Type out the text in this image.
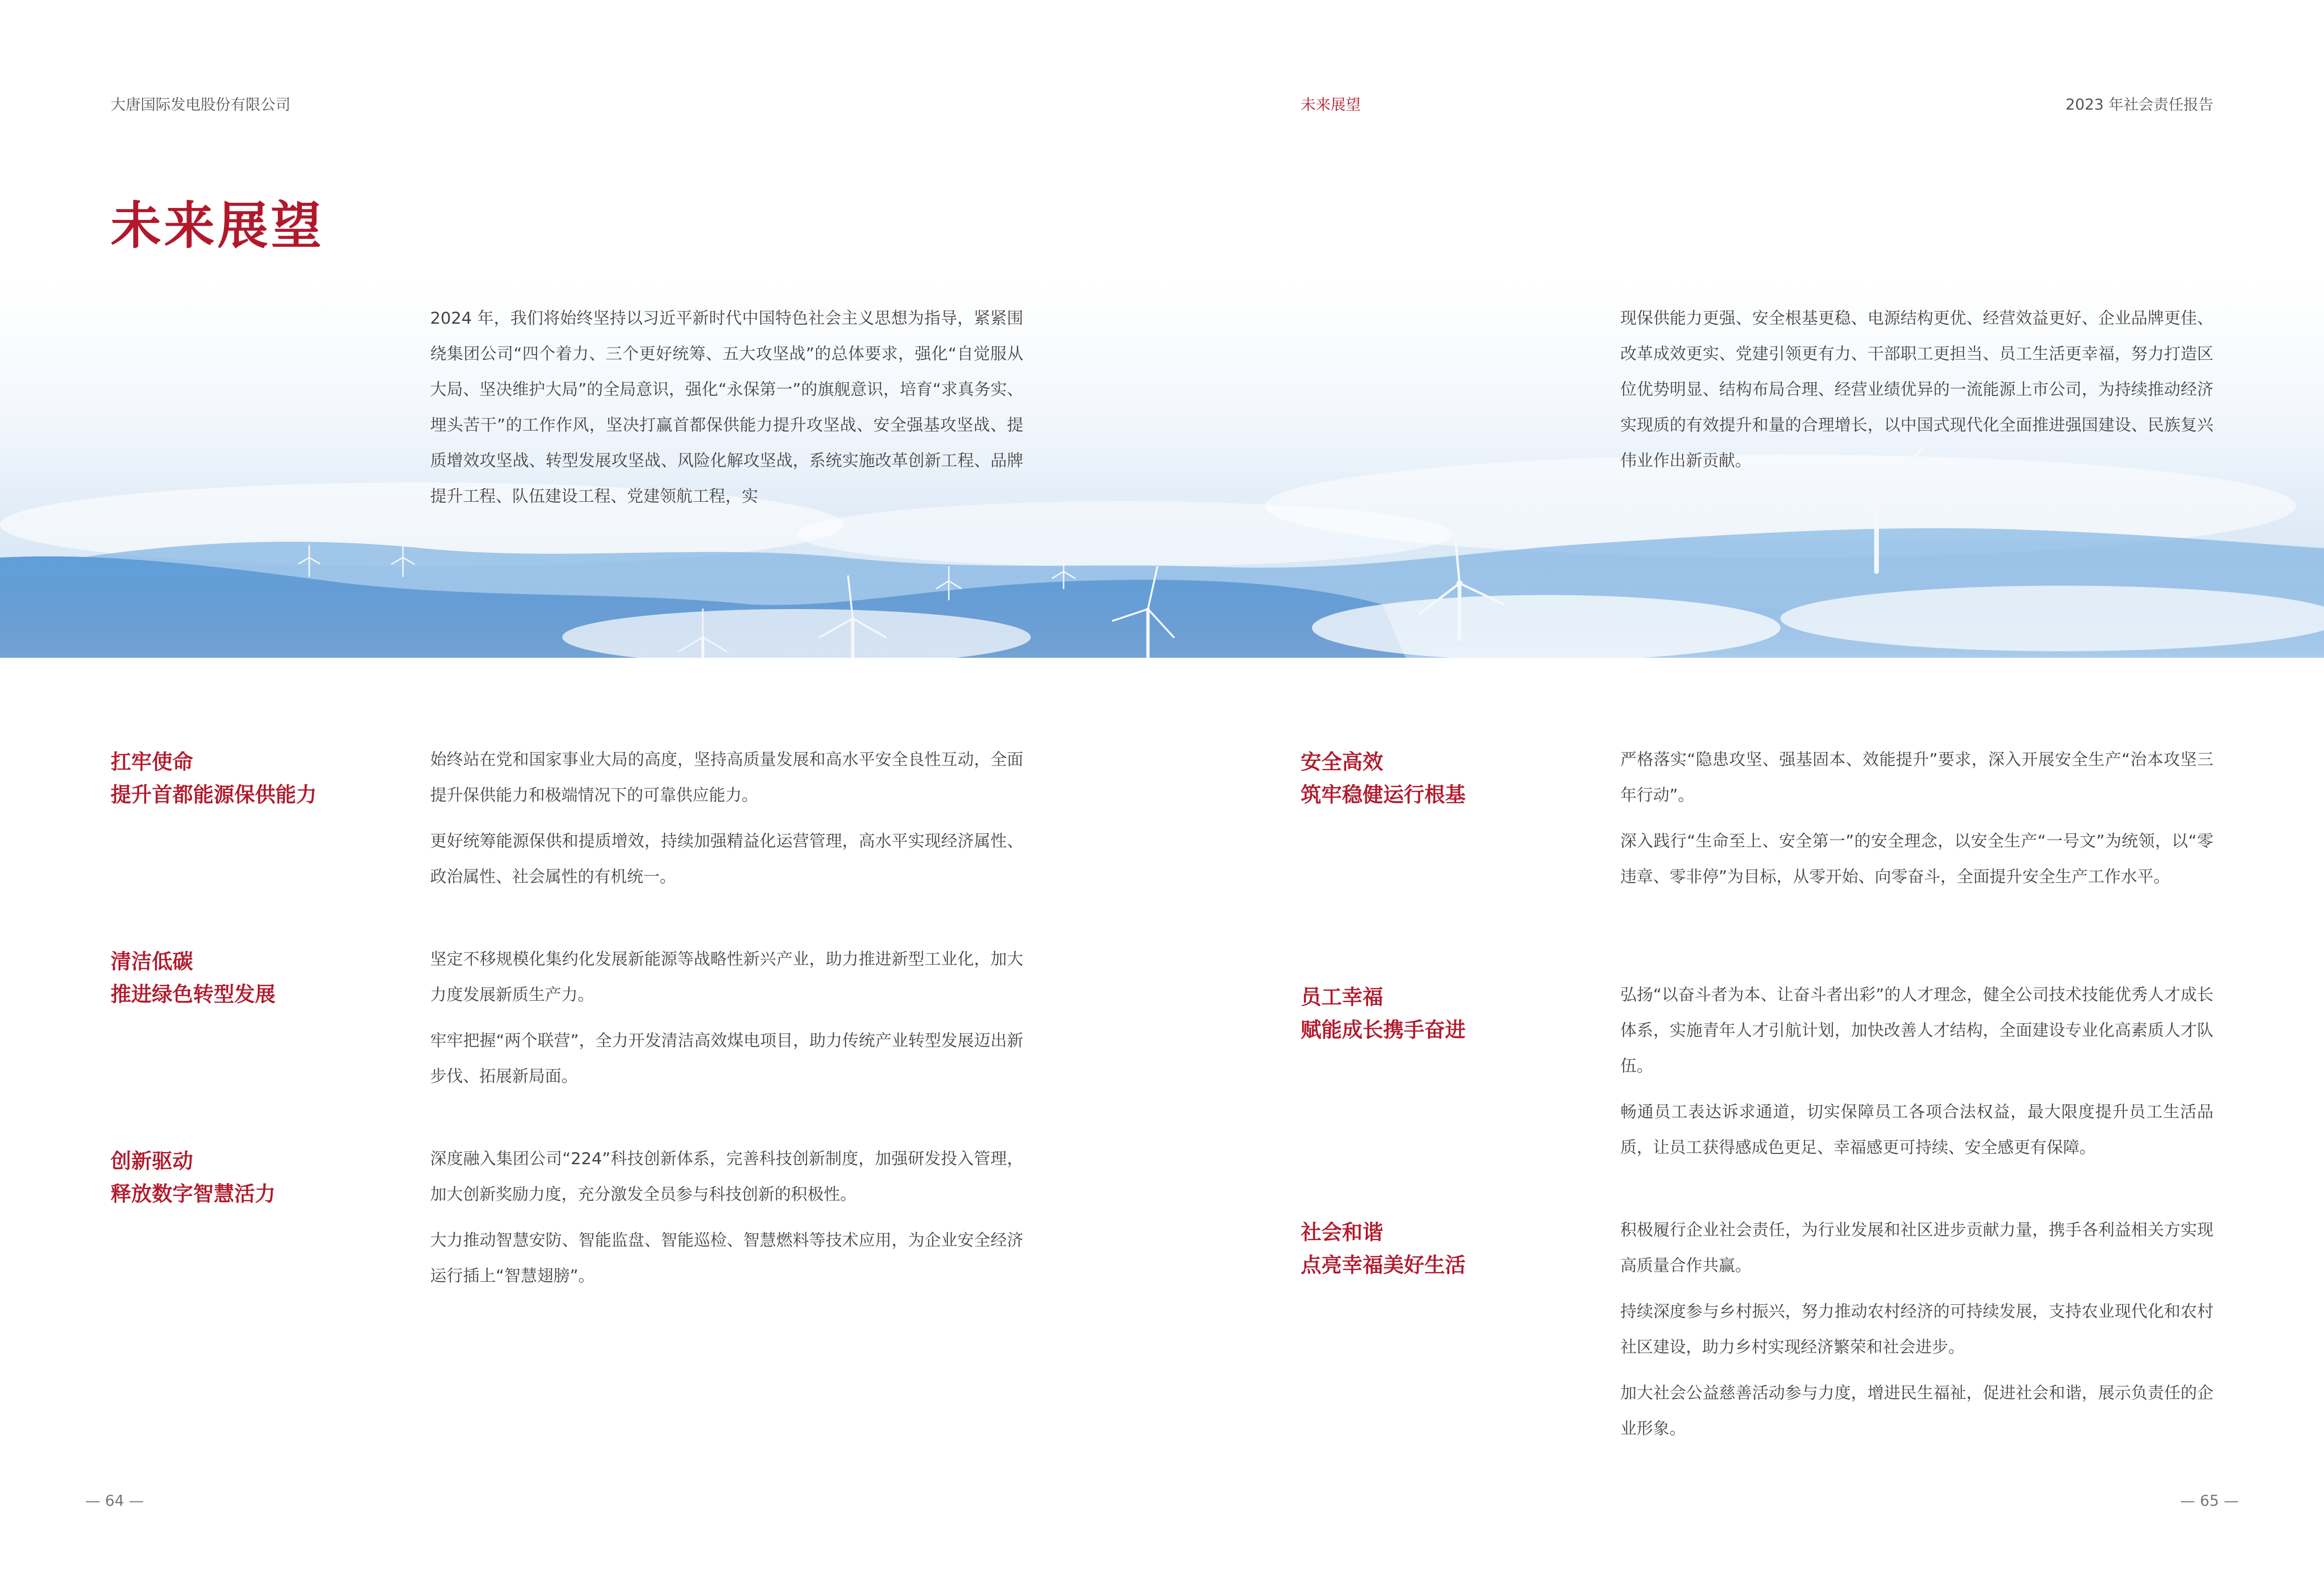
大唐国际发电股份有限公司	未来展望	2023 年社会责任报告
未来展望
2024 年，我们将始终坚持以习近平新时代中国特色社会主义思想为指导，紧紧围绕集团公司“四个着力、三个更好统筹、五大攻坚战”的总体要求，强化“自觉服从大局、坚决维护大局”的全局意识，强化“永保第一”的旗舰意识，培育“求真务实、埋头苦干”的工作作风，坚决打赢首都保供能力提升攻坚战、安全强基攻坚战、提质增效攻坚战、转型发展攻坚战、风险化解攻坚战，系统实施改革创新工程、品牌提升工程、队伍建设工程、党建领航工程，实
现保供能力更强、安全根基更稳、电源结构更优、经营效益更好、企业品牌更佳、改革成效更实、党建引领更有力、干部职工更担当、员工生活更幸福，努力打造区位优势明显、结构布局合理、经营业绩优异的一流能源上市公司，为持续推动经济实现质的有效提升和量的合理增长，以中国式现代化全面推进强国建设、民族复兴伟业作出新贡献。
扛牢使命
提升首都能源保供能力

始终站在党和国家事业大局的高度，坚持高质量发展和高水平安全良性互动，全面提升保供能力和极端情况下的可靠供应能力。

更好统筹能源保供和提质增效，持续加强精益化运营管理，高水平实现经济属性、政治属性、社会属性的有机统一。

清洁低碳
推进绿色转型发展

坚定不移规模化集约化发展新能源等战略性新兴产业，助力推进新型工业化，加大力度发展新质生产力。

牢牢把握“两个联营”，全力开发清洁高效煤电项目，助力传统产业转型发展迈出新步伐、拓展新局面。

创新驱动
释放数字智慧活力

深度融入集团公司“224”科技创新体系，完善科技创新制度，加强研发投入管理，加大创新奖励力度，充分激发全员参与科技创新的积极性。

大力推动智慧安防、智能监盘、智能巡检、智慧燃料等技术应用，为企业安全经济运行插上“智慧翅膀”。

安全高效
筑牢稳健运行根基

严格落实“隐患攻坚、强基固本、效能提升”要求，深入开展安全生产“治本攻坚三年行动”。

深入践行“生命至上、安全第一”的安全理念，以安全生产“一号文”为统领，以“零违章、零非停”为目标，从零开始、向零奋斗，全面提升安全生产工作水平。

员工幸福
赋能成长携手奋进

弘扬“以奋斗者为本、让奋斗者出彩”的人才理念，健全公司技术技能优秀人才成长体系，实施青年人才引航计划，加快改善人才结构，全面建设专业化高素质人才队伍。

畅通员工表达诉求通道，切实保障员工各项合法权益，最大限度提升员工生活品质，让员工获得感成色更足、幸福感更可持续、安全感更有保障。

社会和谐
点亮幸福美好生活

积极履行企业社会责任，为行业发展和社区进步贡献力量，携手各利益相关方实现高质量合作共赢。

持续深度参与乡村振兴，努力推动农村经济的可持续发展，支持农业现代化和农村社区建设，助力乡村实现经济繁荣和社会进步。

加大社会公益慈善活动参与力度，增进民生福祉，促进社会和谐，展示负责任的企业形象。

— 64 —	— 65 —
